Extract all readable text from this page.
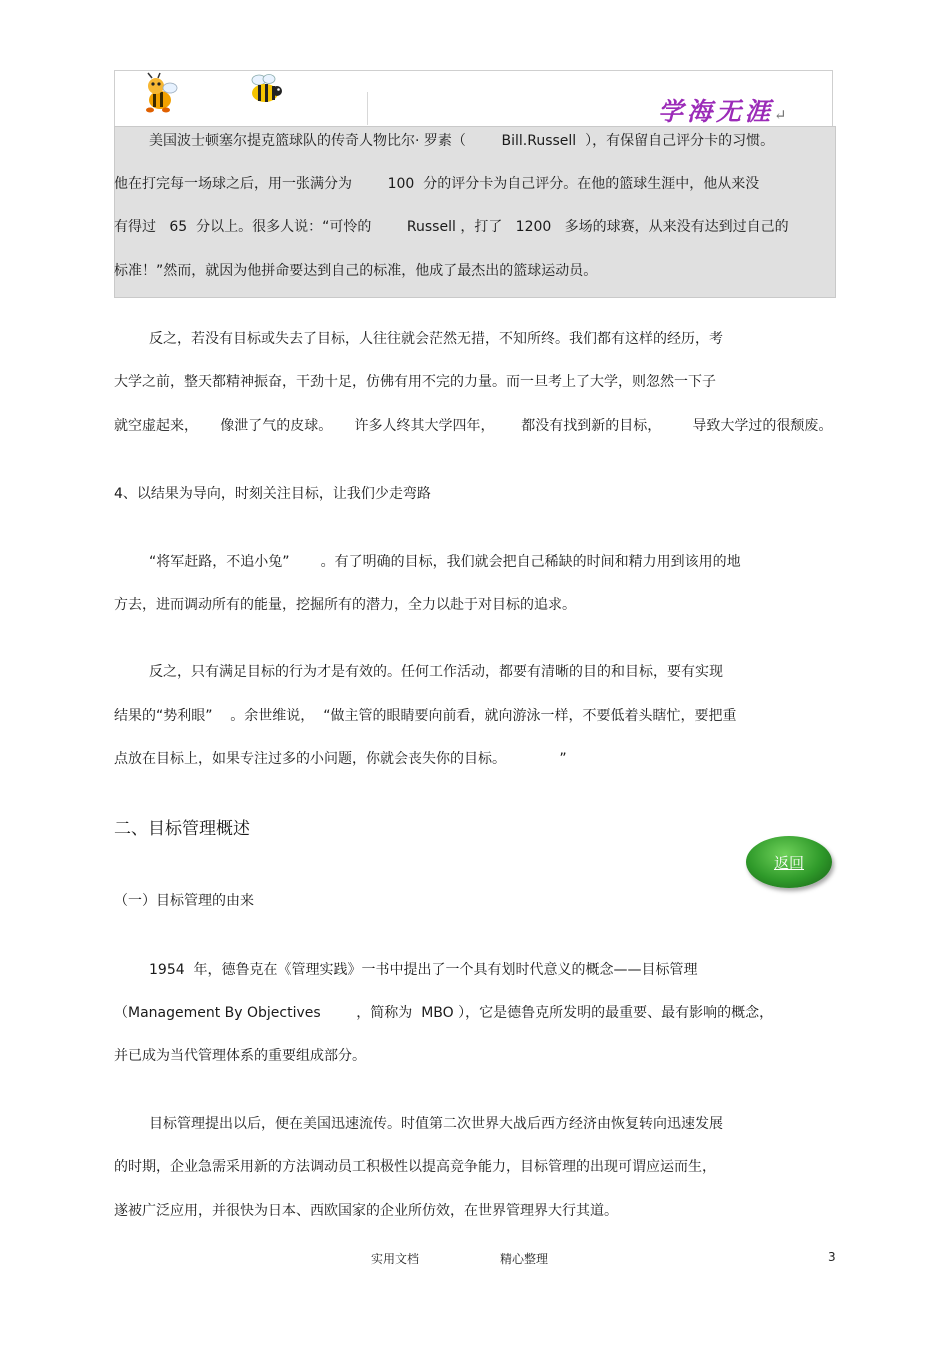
学海无涯↵
美国波士顿塞尔提克篮球队的传奇人物比尔· 罗素（        Bill.Russell  ），有保留自己评分卡的习惯。
他在打完每一场球之后，用一张满分为        100  分的评分卡为自己评分。在他的篮球生涯中，他从来没
有得过   65  分以上。很多人说：“可怜的        Russell ，打了   1200   多场的球赛，从来没有达到过自己的
标准！”然而，就因为他拼命要达到自己的标准，他成了最杰出的篮球运动员。
反之，若没有目标或失去了目标，人往往就会茫然无措，不知所终。我们都有这样的经历，考
大学之前，整天都精神振奋，干劲十足，仿佛有用不完的力量。而一旦考上了大学，则忽然一下子
就空虚起来，     像泄了气的皮球。     许多人终其大学四年，      都没有找到新的目标，       导致大学过的很颓废。
4、以结果为导向，时刻关注目标，让我们少走弯路
“将军赶路，不追小兔”       。有了明确的目标，我们就会把自己稀缺的时间和精力用到该用的地
方去，进而调动所有的能量，挖掘所有的潜力，全力以赴于对目标的追求。
反之，只有满足目标的行为才是有效的。任何工作活动，都要有清晰的目的和目标，要有实现
结果的“势利眼”    。余世维说，  “做主管的眼睛要向前看，就向游泳一样，不要低着头瞎忙，要把重
点放在目标上，如果专注过多的小问题，你就会丧失你的目标。            ”
二、目标管理概述
返回
（一）目标管理的由来
1954  年，德鲁克在《管理实践》一书中提出了一个具有划时代意义的概念——目标管理
（Management By Objectives        ，简称为  MBO ），它是德鲁克所发明的最重要、最有影响的概念，
并已成为当代管理体系的重要组成部分。
目标管理提出以后，便在美国迅速流传。时值第二次世界大战后西方经济由恢复转向迅速发展
的时期，企业急需采用新的方法调动员工积极性以提高竞争能力，目标管理的出现可谓应运而生，
遂被广泛应用，并很快为日本、西欧国家的企业所仿效，在世界管理界大行其道。
实用文档	精心整理	3
